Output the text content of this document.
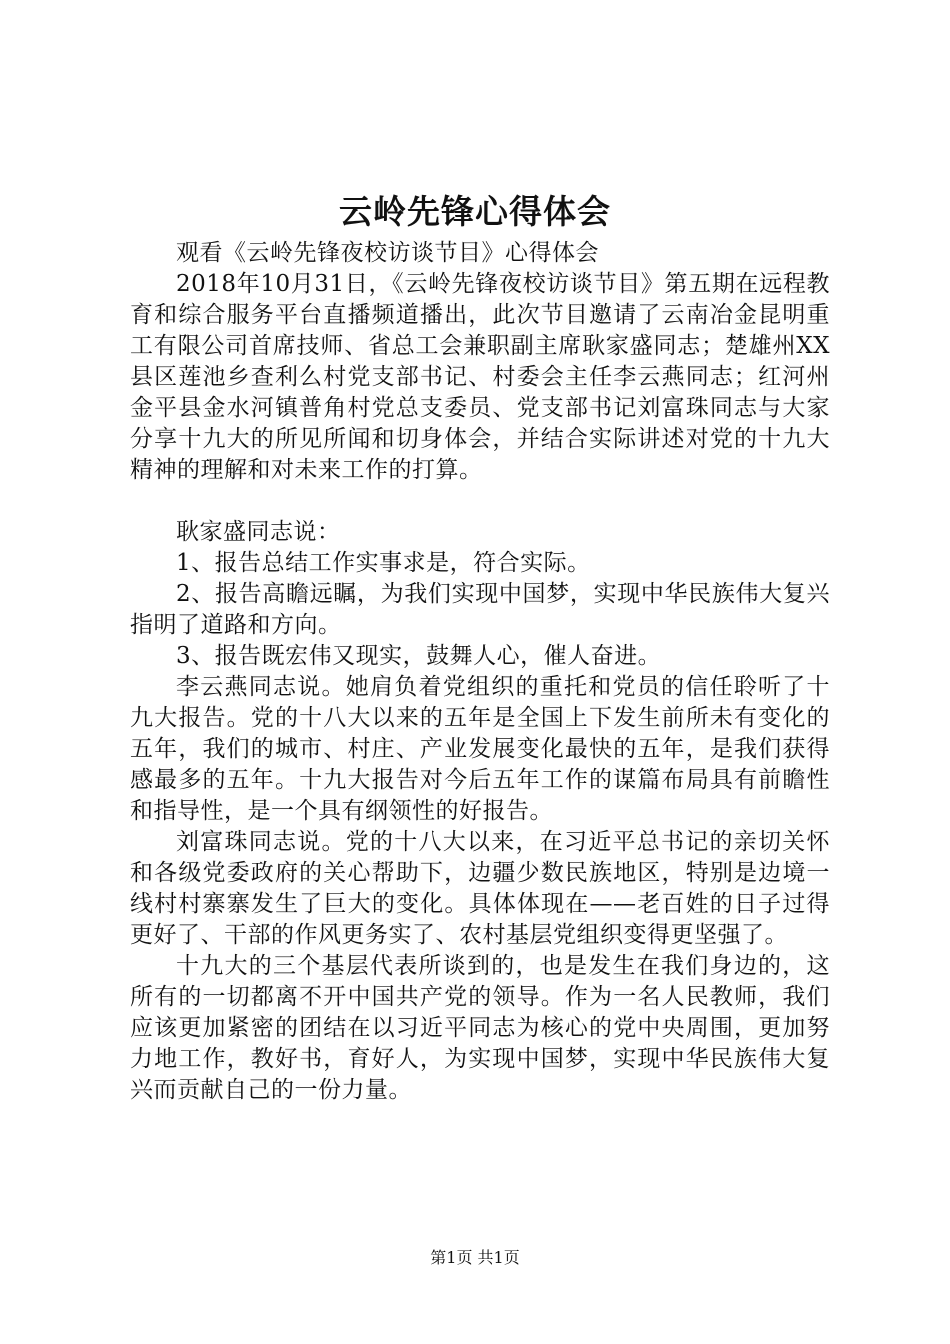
云岭先锋心得体会

观看《云岭先锋夜校访谈节目》心得体会

2018年10月31日，《云岭先锋夜校访谈节目》第五期在远程教育和综合服务平台直播频道播出，此次节目邀请了云南冶金昆明重工有限公司首席技师、省总工会兼职副主席耿家盛同志；楚雄州XX县区莲池乡查利么村党支部书记、村委会主任李云燕同志；红河州金平县金水河镇普角村党总支委员、党支部书记刘富珠同志与大家分享十九大的所见所闻和切身体会，并结合实际讲述对党的十九大精神的理解和对未来工作的打算。

耿家盛同志说：

1、报告总结工作实事求是，符合实际。

2、报告高瞻远瞩，为我们实现中国梦，实现中华民族伟大复兴指明了道路和方向。

3、报告既宏伟又现实，鼓舞人心，催人奋进。

李云燕同志说。她肩负着党组织的重托和党员的信任聆听了十九大报告。党的十八大以来的五年是全国上下发生前所未有变化的五年，我们的城市、村庄、产业发展变化最快的五年，是我们获得感最多的五年。十九大报告对今后五年工作的谋篇布局具有前瞻性和指导性，是一个具有纲领性的好报告。

刘富珠同志说。党的十八大以来，在习近平总书记的亲切关怀和各级党委政府的关心帮助下，边疆少数民族地区，特别是边境一线村村寨寨发生了巨大的变化。具体体现在——老百姓的日子过得更好了、干部的作风更务实了、农村基层党组织变得更坚强了。

十九大的三个基层代表所谈到的，也是发生在我们身边的，这所有的一切都离不开中国共产党的领导。作为一名人民教师，我们应该更加紧密的团结在以习近平同志为核心的党中央周围，更加努力地工作，教好书，育好人，为实现中国梦，实现中华民族伟大复兴而贡献自己的一份力量。

第1页 共1页
